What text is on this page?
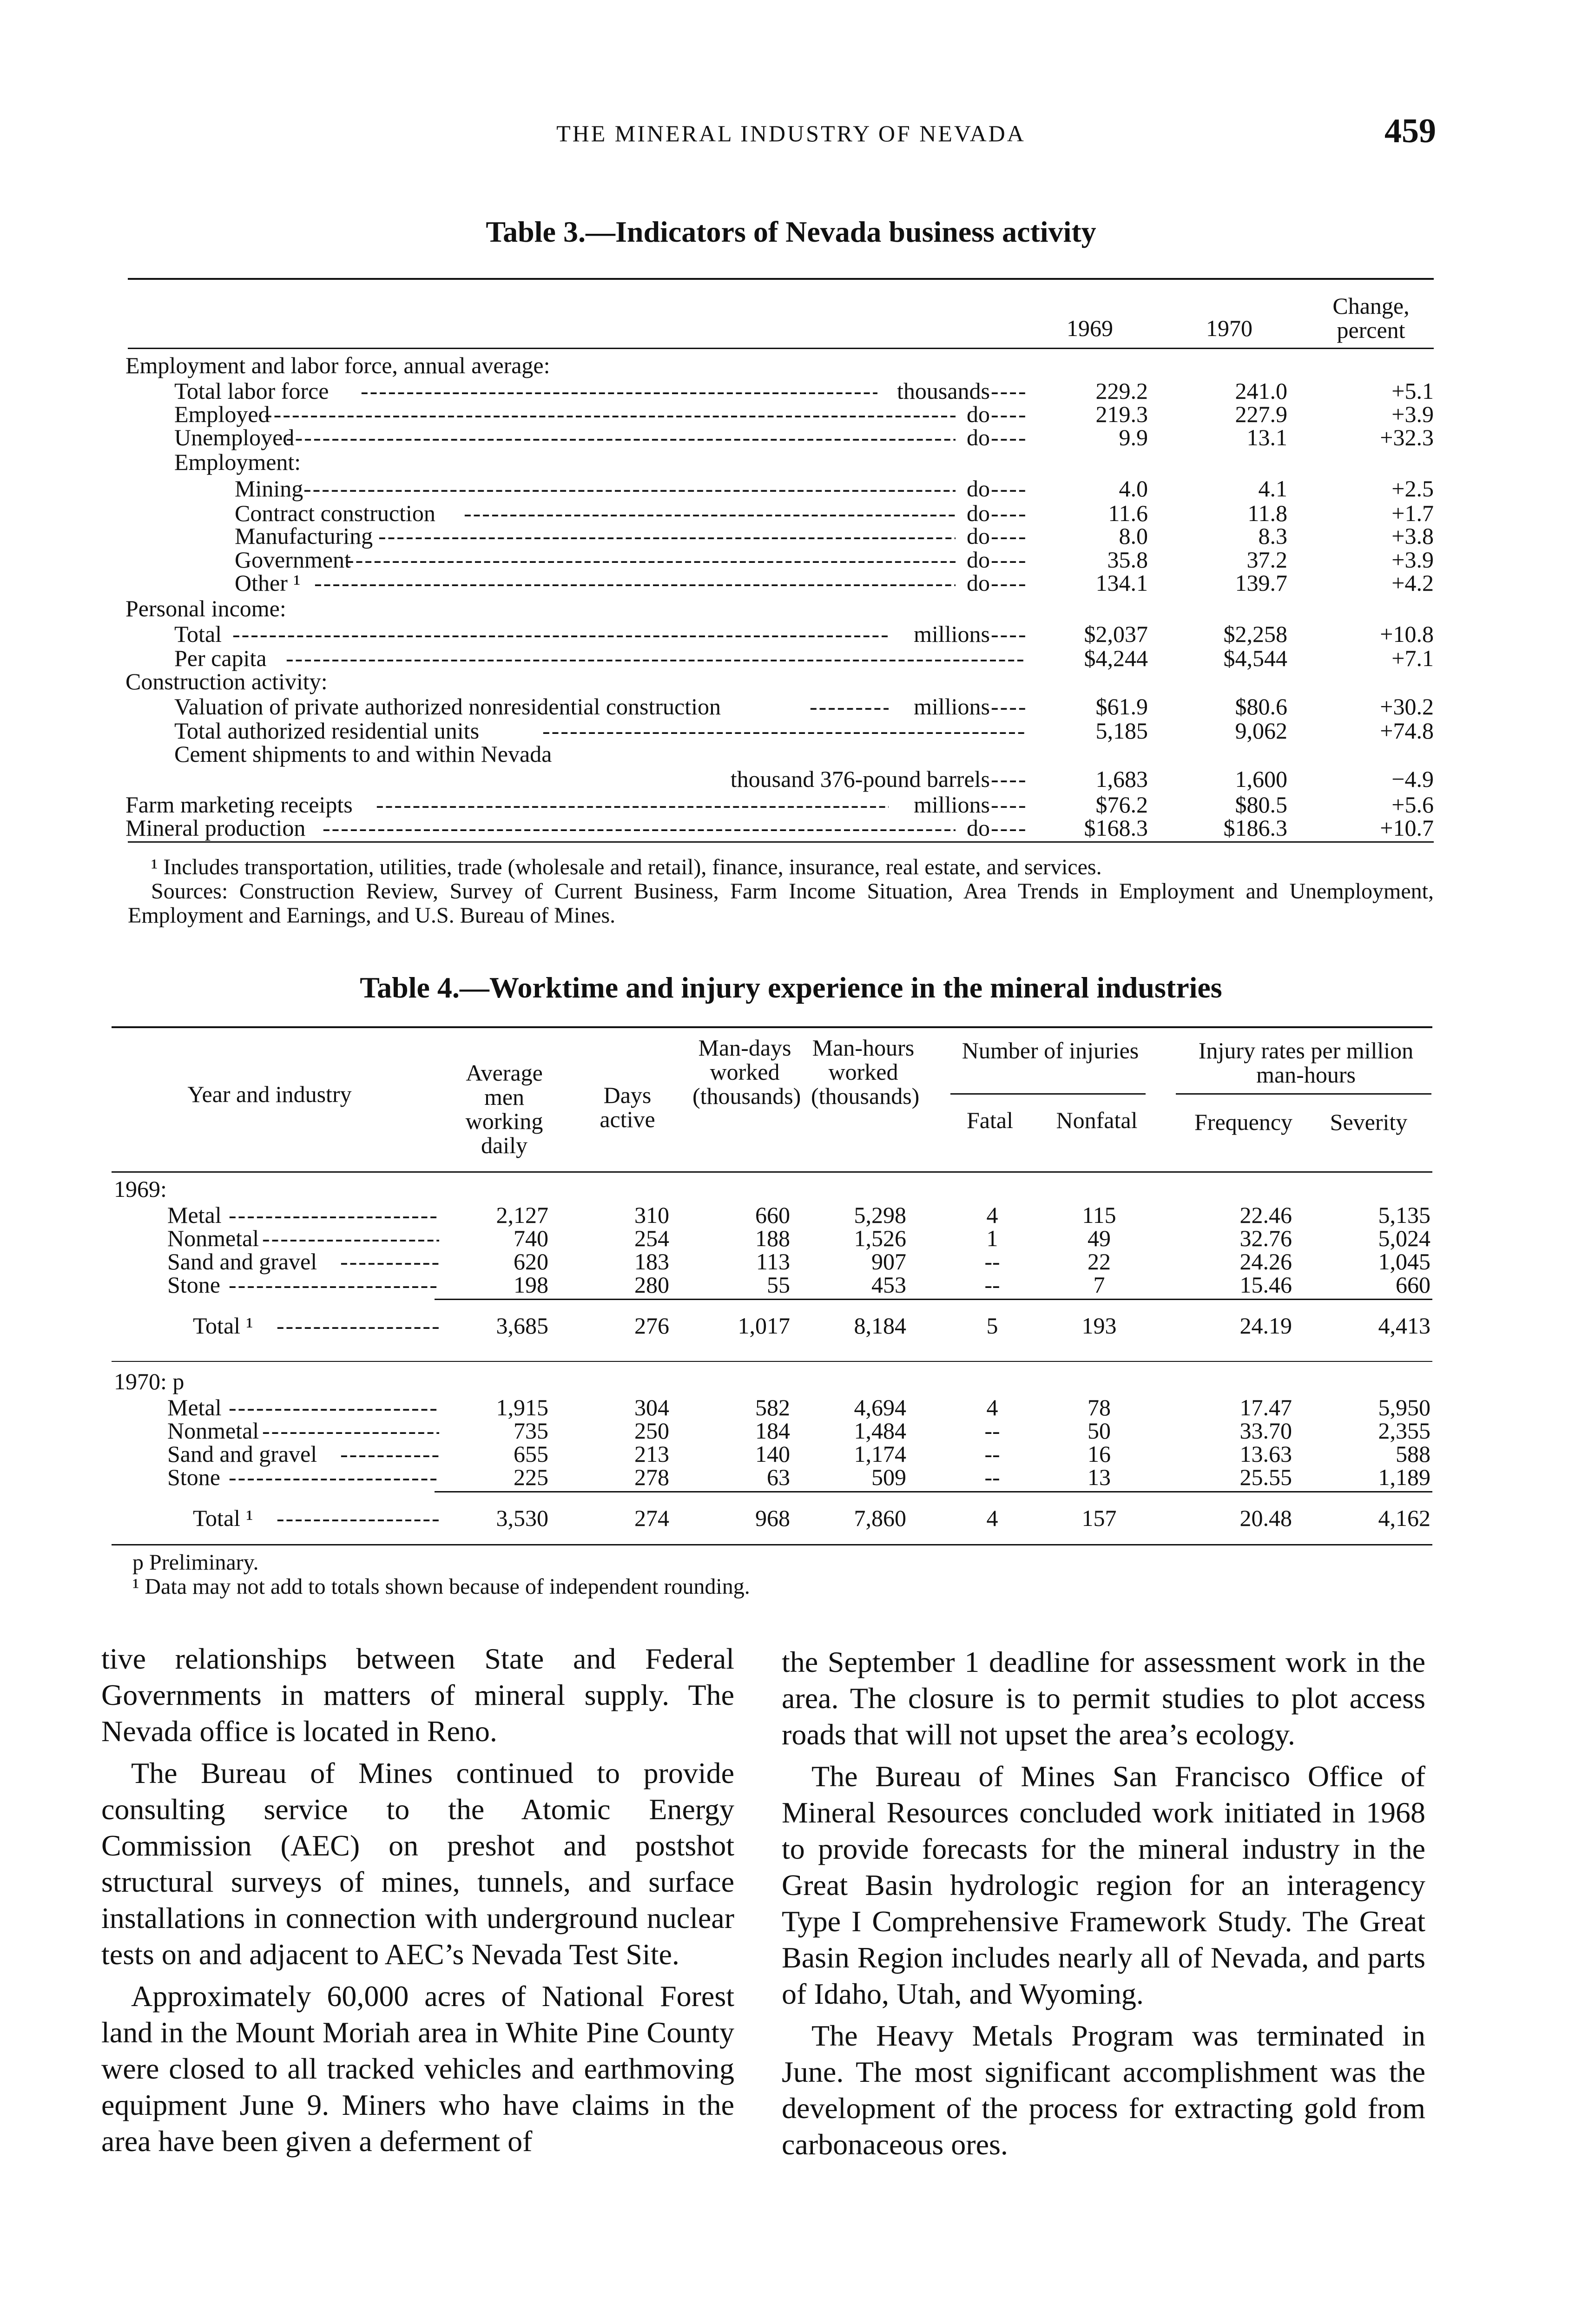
THE MINERAL INDUSTRY OF NEVADA	459
Table 3.—Indicators of Nevada business activity
1969	1970
Change, percent
Employment and labor force, annual average:
Total labor force	thousands ----- -----	229.2	241.0	+5.1
Employed	do ----- -----	219.3	227.9	+3.9
Unemployed	do ----- -----	9.9	13.1	+32.3
Employment:
Mining	do ----- -----	4.0	4.1	+2.5
Contract construction	do ----- -----	11.6	11.8	+1.7
Manufacturing	do ----- -----	8.0	8.3	+3.8
Government	do ----- -----	35.8	37.2	+3.9
Other ¹	do ----- -----	134.1	139.7	+4.2
Personal income:
Total	millions ----- -----	$2,037	$2,258	+10.8
Per capita -----	$4,244	$4,544	+7.1
Construction activity:
Valuation of private authorized nonresidential construction	millions ----- -----	$61.9	$80.6	+30.2
Total authorized residential units -----	5,185	9,062	+74.8
Cement shipments to and within Nevada
thousand 376-pound barrels -----	1,683	1,600	−4.9
Farm marketing receipts	millions ----- -----	$76.2	$80.5	+5.6
Mineral production	do ----- -----	$168.3	$186.3	+10.7
¹ Includes transportation, utilities, trade (wholesale and retail), finance, insurance, real estate, and services.
Sources: Construction Review, Survey of Current Business, Farm Income Situation, Area Trends in Employment and Unemployment, Employment and Earnings, and U.S. Bureau of Mines.
Table 4.—Worktime and injury experience in the mineral industries
Year and industry
Average men working daily
Days active
Man-days worked (thousands)
Man-hours worked (thousands)
Number of injuries	Injury rates per million man-hours
Fatal	Nonfatal	Frequency	Severity
1969:
Metal -----	2,127	310	660	5,298	4	115	22.46	5,135
Nonmetal -----	740	254	188	1,526	1	49	32.76	5,024
Sand and gravel -----	620	183	113	907	--	22	24.26	1,045
Stone -----	198	280	55	453	--	7	15.46	660
Total ¹ -----	3,685	276	1,017	8,184	5	193	24.19	4,413
1970: p
Metal -----	1,915	304	582	4,694	4	78	17.47	5,950
Nonmetal -----	735	250	184	1,484	--	50	33.70	2,355
Sand and gravel -----	655	213	140	1,174	--	16	13.63	588
Stone -----	225	278	63	509	--	13	25.55	1,189
Total ¹ -----	3,530	274	968	7,860	4	157	20.48	4,162
p Preliminary.
¹ Data may not add to totals shown because of independent rounding.

tive relationships between State and Federal Governments in matters of mineral supply. The Nevada office is located in Reno.

The Bureau of Mines continued to provide consulting service to the Atomic Energy Commission (AEC) on preshot and postshot structural surveys of mines, tunnels, and surface installations in connection with underground nuclear tests on and adjacent to AEC’s Nevada Test Site.

Approximately 60,000 acres of National Forest land in the Mount Moriah area in White Pine County were closed to all tracked vehicles and earthmoving equipment June 9. Miners who have claims in the area have been given a deferment of

the September 1 deadline for assessment work in the area. The closure is to permit studies to plot access roads that will not upset the area’s ecology.

The Bureau of Mines San Francisco Office of Mineral Resources concluded work initiated in 1968 to provide forecasts for the mineral industry in the Great Basin hydrologic region for an interagency Type I Comprehensive Framework Study. The Great Basin Region includes nearly all of Nevada, and parts of Idaho, Utah, and Wyoming.

The Heavy Metals Program was terminated in June. The most significant accomplishment was the development of the process for extracting gold from carbonaceous ores.
